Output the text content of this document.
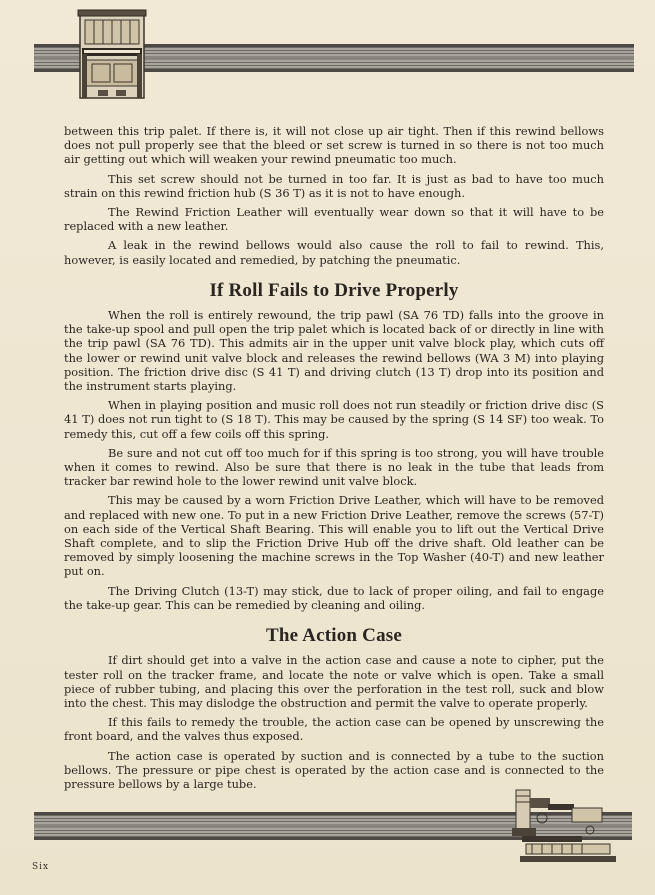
between this trip palet. If there is, it will not close up air tight. Then if this rewind bellows does not pull properly see that the bleed or set screw is turned in so there is not too much air getting out which will weaken your rewind pneumatic too much.

This set screw should not be turned in too far. It is just as bad to have too much strain on this rewind friction hub (S 36 T) as it is not to have enough.

The Rewind Friction Leather will eventually wear down so that it will have to be replaced with a new leather.

A leak in the rewind bellows would also cause the roll to fail to rewind. This, however, is easily located and remedied, by patching the pneumatic.

If Roll Fails to Drive Properly

When the roll is entirely rewound, the trip pawl (SA 76 TD) falls into the groove in the take-up spool and pull open the trip palet which is located back of or directly in line with the trip pawl (SA 76 TD). This admits air in the upper unit valve block play, which cuts off the lower or rewind unit valve block and releases the rewind bellows (WA 3 M) into playing position. The friction drive disc (S 41 T) and driving clutch (13 T) drop into its position and the instrument starts playing.

When in playing position and music roll does not run steadily or friction drive disc (S 41 T) does not run tight to (S 18 T). This may be caused by the spring (S 14 SF) too weak. To remedy this, cut off a few coils off this spring.

Be sure and not cut off too much for if this spring is too strong, you will have trouble when it comes to rewind. Also be sure that there is no leak in the tube that leads from tracker bar rewind hole to the lower rewind unit valve block.

This may be caused by a worn Friction Drive Leather, which will have to be removed and replaced with new one. To put in a new Friction Drive Leather, remove the screws (57-T) on each side of the Vertical Shaft Bearing. This will enable you to lift out the Vertical Drive Shaft complete, and to slip the Friction Drive Hub off the drive shaft. Old leather can be removed by simply loosening the machine screws in the Top Washer (40-T) and new leather put on.

The Driving Clutch (13-T) may stick, due to lack of proper oiling, and fail to engage the take-up gear. This can be remedied by cleaning and oiling.

The Action Case

If dirt should get into a valve in the action case and cause a note to cipher, put the tester roll on the tracker frame, and locate the note or valve which is open. Take a small piece of rubber tubing, and placing this over the perforation in the test roll, suck and blow into the chest. This may dislodge the obstruction and permit the valve to operate properly.

If this fails to remedy the trouble, the action case can be opened by unscrewing the front board, and the valves thus exposed.

The action case is operated by suction and is connected by a tube to the suction bellows. The pressure or pipe chest is operated by the action case and is connected to the pressure bellows by a large tube.

Six
